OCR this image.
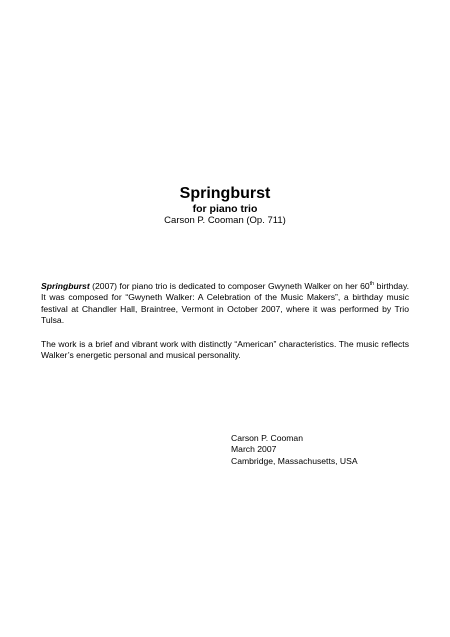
Springburst

for piano trio

Carson P. Cooman (Op. 711)

Springburst (2007) for piano trio is dedicated to composer Gwyneth Walker on her 60th birthday. It was composed for “Gwyneth Walker: A Celebration of the Music Makers”, a birthday music festival at Chandler Hall, Braintree, Vermont in October 2007, where it was performed by Trio Tulsa.

The work is a brief and vibrant work with distinctly “American” characteristics. The music reflects Walker’s energetic personal and musical personality.

Carson P. Cooman
March 2007
Cambridge, Massachusetts, USA
